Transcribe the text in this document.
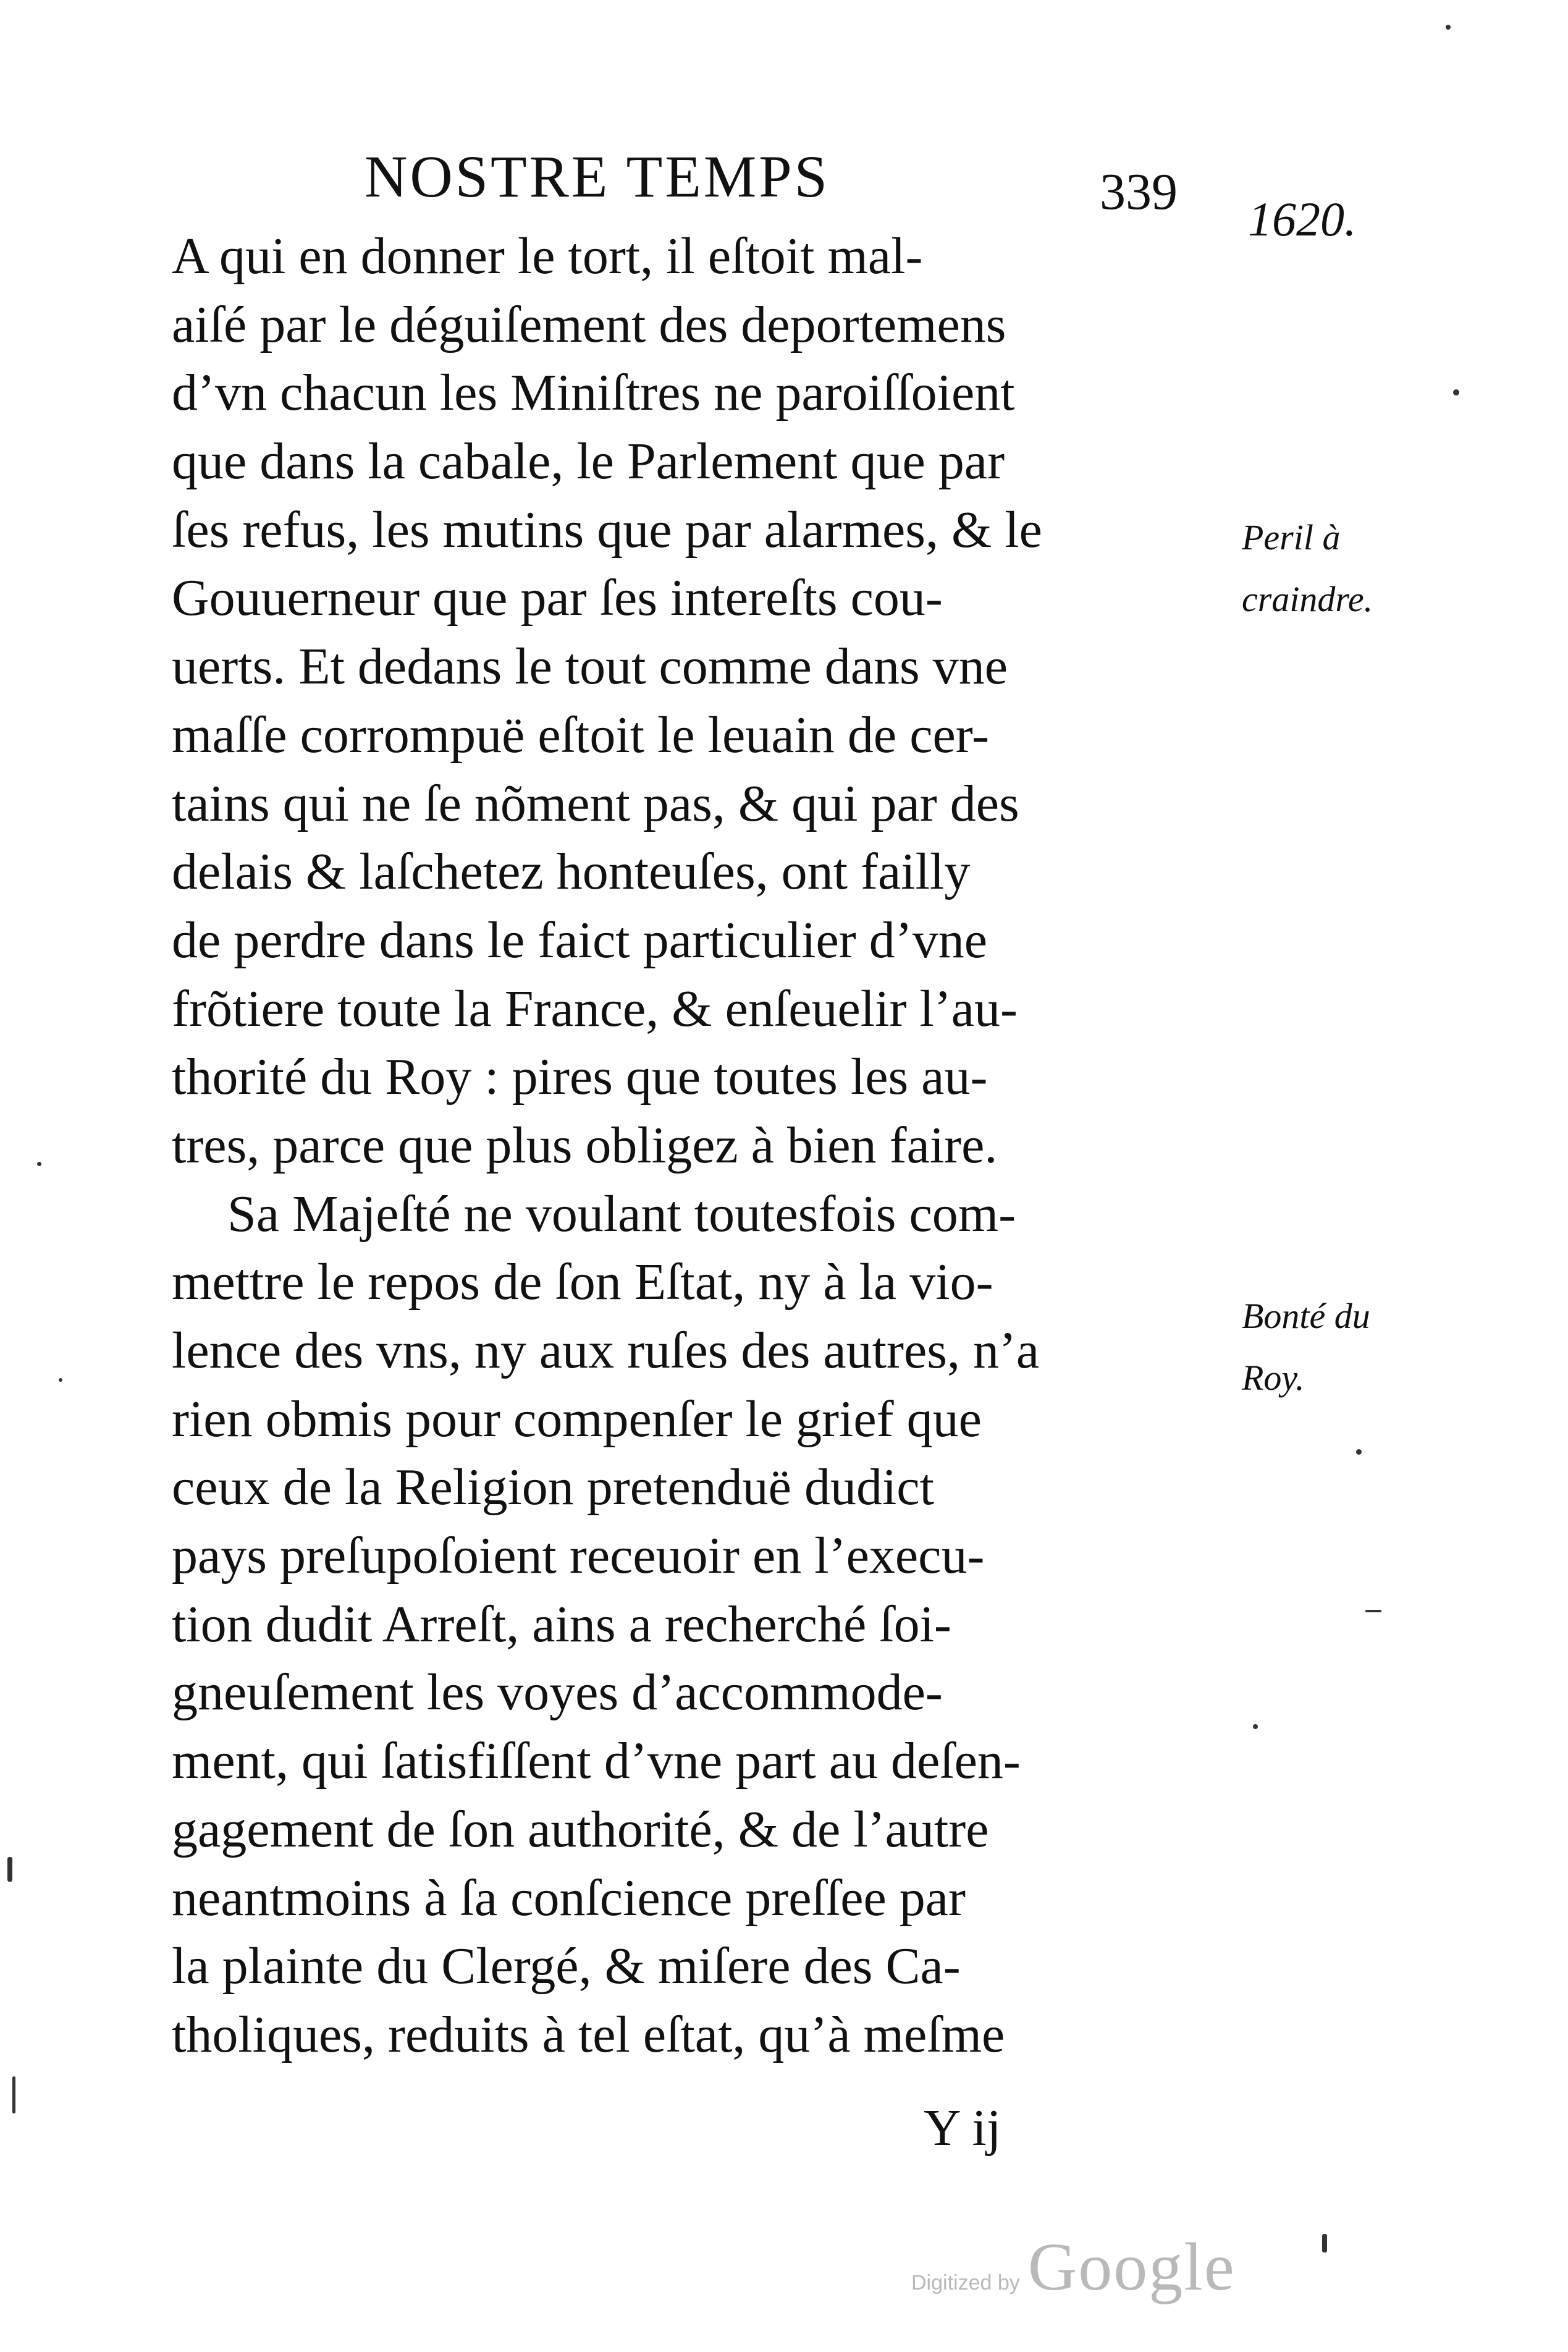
NOSTRE TEMPS	339 1620.
A qui en donner le tort, il eſtoit mal-
aiſé par le déguiſement des deportemens
d’vn chacun les Miniſtres ne paroiſſoient
que dans la cabale, le Parlement que par
ſes refus, les mutins que par alarmes, & le
Gouuerneur que par ſes intereſts cou-
uerts. Et dedans le tout comme dans vne
maſſe corrompuë eſtoit le leuain de cer-
tains qui ne ſe nõment pas, & qui par des
delais & laſchetez honteuſes, ont failly
de perdre dans le faict particulier d’vne
frõtiere toute la France, & enſeuelir l’au-
thorité du Roy : pires que toutes les au-
tres, parce que plus obligez à bien faire.
Sa Majeſté ne voulant toutesfois com-
mettre le repos de ſon Eſtat, ny à la vio-
lence des vns, ny aux ruſes des autres, n’a
rien obmis pour compenſer le grief que
ceux de la Religion pretenduë dudict
pays preſupoſoient receuoir en l’execu-
tion dudit Arreſt, ains a recherché ſoi-
gneuſement les voyes d’accommode-
ment, qui ſatisfiſſent d’vne part au deſen-
gagement de ſon authorité, & de l’autre
neantmoins à ſa conſcience preſſee par
la plainte du Clergé, & miſere des Ca-
tholiques, reduits à tel eſtat, qu’à meſme
Peril à
craindre.
Bonté du
Roy.
Y ij
Digitized by Google
